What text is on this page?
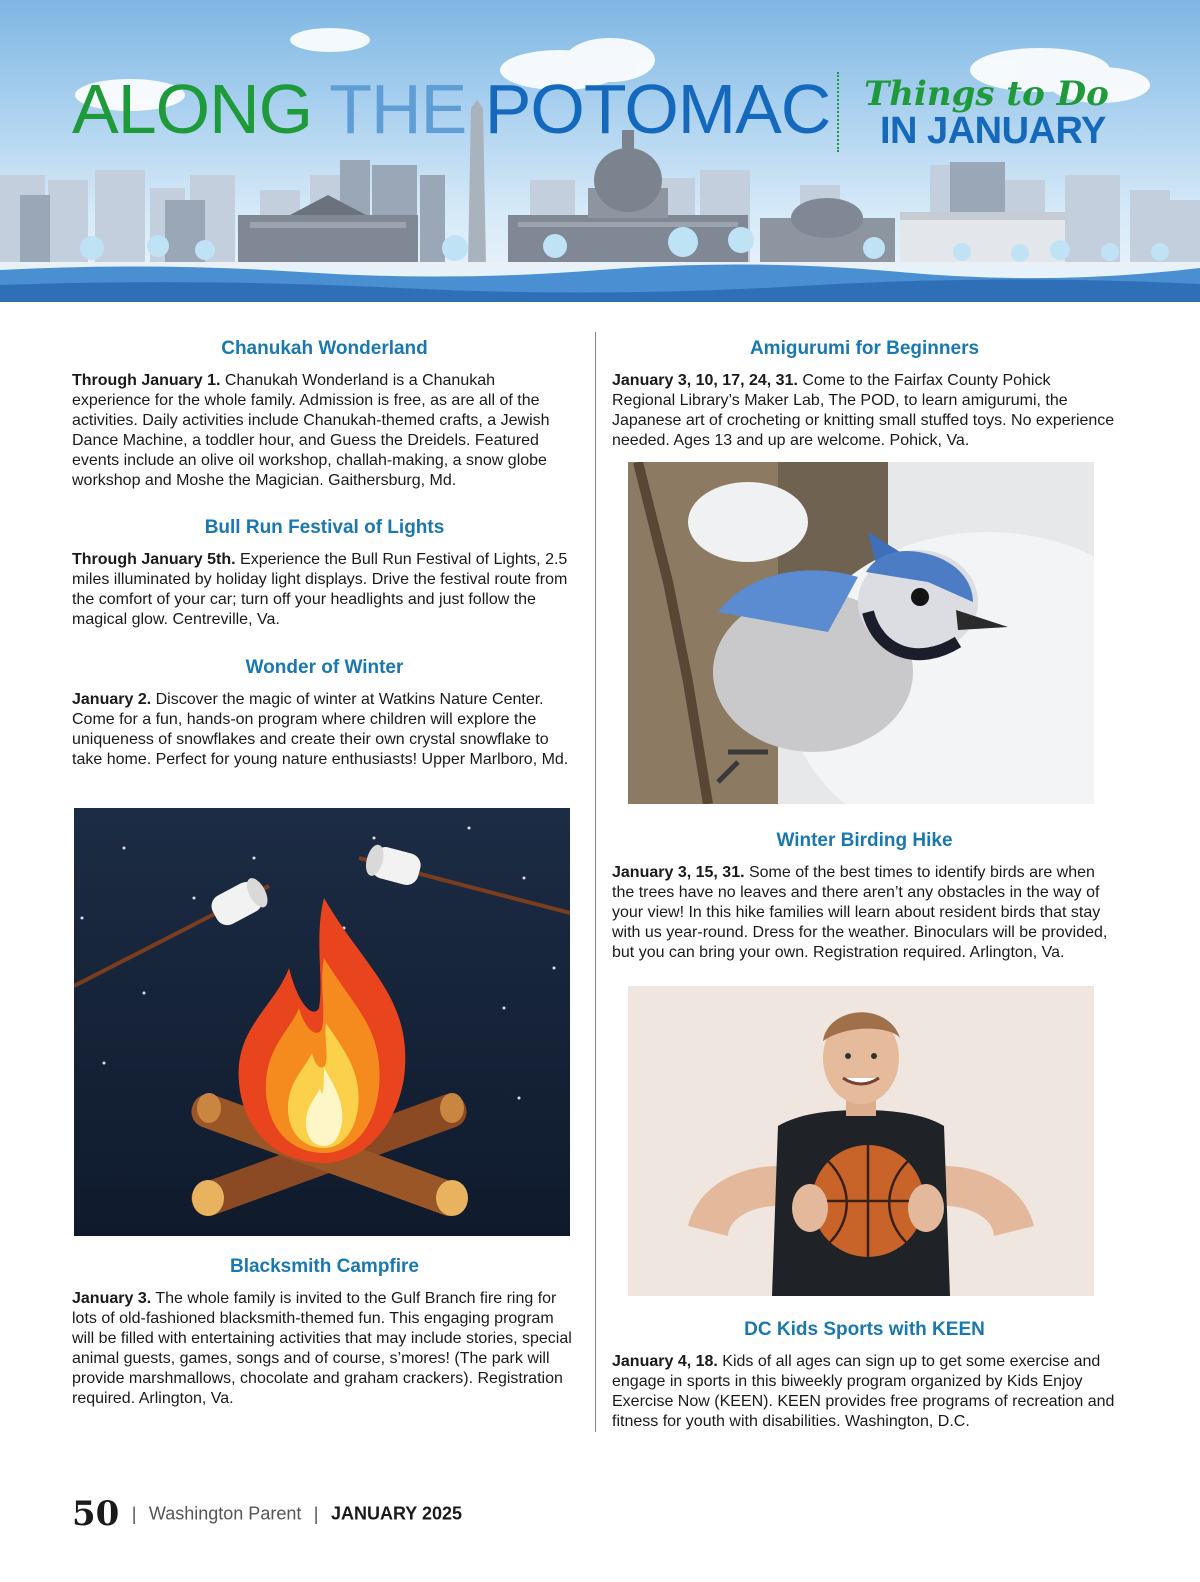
ALONG THE POTOMAC Things to Do
IN JANUARY
Chanukah Wonderland

Through January 1. Chanukah Wonderland is a Chanukah experience for the whole family. Admission is free, as are all of the activities. Daily activities include Chanukah-themed crafts, a Jewish Dance Machine, a toddler hour, and Guess the Dreidels. Featured events include an olive oil workshop, challah-making, a snow globe workshop and Moshe the Magician. Gaithersburg, Md.

Bull Run Festival of Lights

Through January 5th. Experience the Bull Run Festival of Lights, 2.5 miles illuminated by holiday light displays. Drive the festival route from the comfort of your car; turn off your headlights and just follow the magical glow. Centreville, Va.

Wonder of Winter

January 2. Discover the magic of winter at Watkins Nature Center. Come for a fun, hands-on program where children will explore the uniqueness of snowflakes and create their own crystal snowflake to take home. Perfect for young nature enthusiasts! Upper Marlboro, Md.

Blacksmith Campfire

January 3. The whole family is invited to the Gulf Branch fire ring for lots of old-fashioned blacksmith-themed fun. This engaging program will be filled with entertaining activities that may include stories, special animal guests, games, songs and of course, s’mores! (The park will provide marshmallows, chocolate and graham crackers). Registration required. Arlington, Va.

Amigurumi for Beginners

January 3, 10, 17, 24, 31. Come to the Fairfax County Pohick Regional Library’s Maker Lab, The POD, to learn amigurumi, the Japanese art of crocheting or knitting small stuffed toys. No experience needed. Ages 13 and up are welcome. Pohick, Va.

Winter Birding Hike

January 3, 15, 31. Some of the best times to identify birds are when the trees have no leaves and there aren’t any obstacles in the way of your view! In this hike families will learn about resident birds that stay with us year-round. Dress for the weather. Binoculars will be provided, but you can bring your own. Registration required. Arlington, Va.

DC Kids Sports with KEEN

January 4, 18. Kids of all ages can sign up to get some exercise and engage in sports in this biweekly program organized by Kids Enjoy Exercise Now (KEEN). KEEN provides free programs of recreation and fitness for youth with disabilities. Washington, D.C.

50 | Washington Parent | JANUARY 2025
